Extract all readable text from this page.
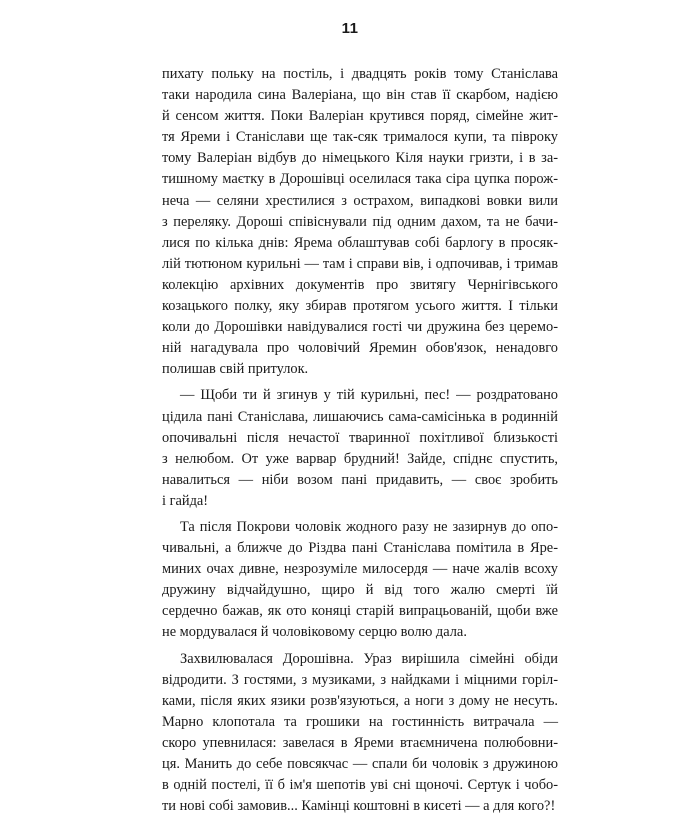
11
пихату польку на постіль, і двадцять років тому Станіслава
таки народила сина Валеріана, що він став її скарбом, надією
й сенсом життя. Поки Валеріан крутився поряд, сімейне жит-
тя Яреми і Станіслави ще так-сяк трималося купи, та півроку
тому Валеріан відбув до німецького Кіля науки гризти, і в за-
тишному маєтку в Дорошівці оселилася така сіра цупка порож-
неча — селяни хрестилися з острахом, випадкові вовки вили
з переляку. Дороші співіснували під одним дахом, та не бачи-
лися по кілька днів: Ярема облаштував собі барлогу в просяк-
лій тютюном курильні — там і справи вів, і одпочивав, і тримав
колекцію архівних документів про звитягу Чернігівського
козацького полку, яку збирав протягом усього життя. І тільки
коли до Дорошівки навідувалися гості чи дружина без церемо-
ній нагадувала про чоловічий Яремин обов'язок, ненадовго
полишав свій притулок.
— Щоби ти й згинув у тій курильні, пес! — роздратовано
цідила пані Станіслава, лишаючись сама-самісінька в родинній
опочивальні після нечастої тваринної похітливої близькості
з нелюбом. От уже варвар брудний! Зайде, спіднє спустить,
навалиться — ніби возом пані придавить, — своє зробить
і гайда!
Та після Покрови чоловік жодного разу не зазирнув до опо-
чивальні, а ближче до Різдва пані Станіслава помітила в Ярe-
миних очах дивне, незрозуміле милосердя — наче жалів всоху
дружину відчайдушно, щиро й від того жалю смерті їй
сердечно бажав, як ото коняці старій випрацьованій, щоби вже
не мордувалася й чоловіковому серцю волю дала.
Захвилювалася Дорошівна. Ураз вирішила сімейні обіди
відродити. З гостями, з музиками, з найдками і міцними горіл-
ками, після яких язики розв'язуються, а ноги з дому не несуть.
Марно клопотала та грошики на гостинність витрачала —
скоро упевнилася: завелася в Яреми втаємничена полюбовни-
ця. Манить до себе повсякчас — спали би чоловік з дружиною
в одній постелі, її б ім'я шепотів уві сні щоночі. Сертук і чобо-
ти нові собі замовив... Камінці коштовні в кисеті — а для кого?!
